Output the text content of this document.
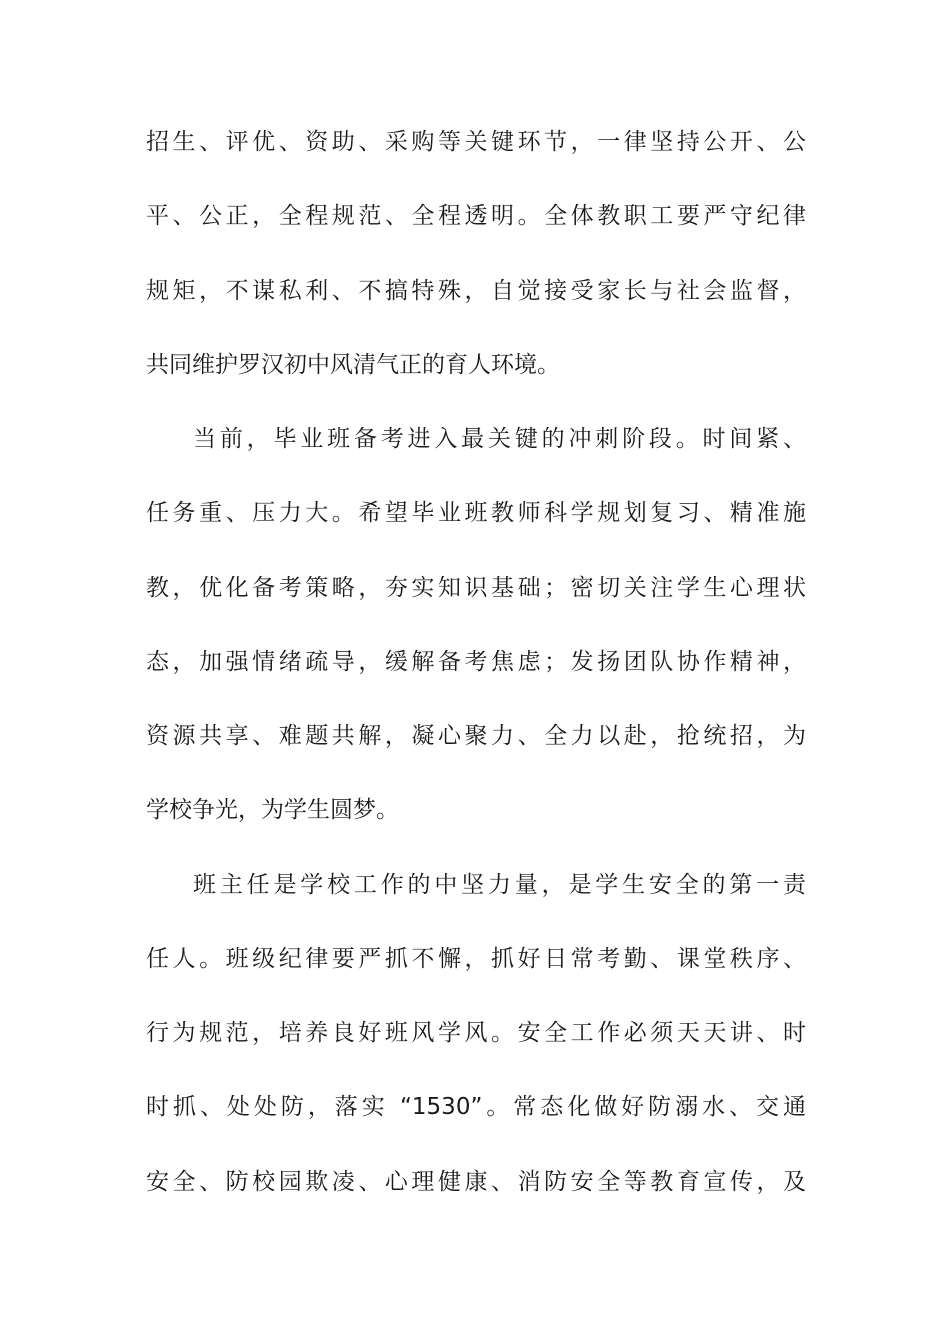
招生、评优、资助、采购等关键环节，一律坚持公开、公
平、公正，全程规范、全程透明。全体教职工要严守纪律
规矩，不谋私利、不搞特殊，自觉接受家长与社会监督，
共同维护罗汉初中风清气正的育人环境。
当前，毕业班备考进入最关键的冲刺阶段。时间紧、
任务重、压力大。希望毕业班教师科学规划复习、精准施
教，优化备考策略，夯实知识基础；密切关注学生心理状
态，加强情绪疏导，缓解备考焦虑；发扬团队协作精神，
资源共享、难题共解，凝心聚力、全力以赴，抢统招，为
学校争光，为学生圆梦。
班主任是学校工作的中坚力量，是学生安全的第一责
任人。班级纪律要严抓不懈，抓好日常考勤、课堂秩序、
行为规范，培养良好班风学风。安全工作必须天天讲、时
时抓、处处防，落实 “1530”。常态化做好防溺水、交通
安全、防校园欺凌、心理健康、消防安全等教育宣传，及
